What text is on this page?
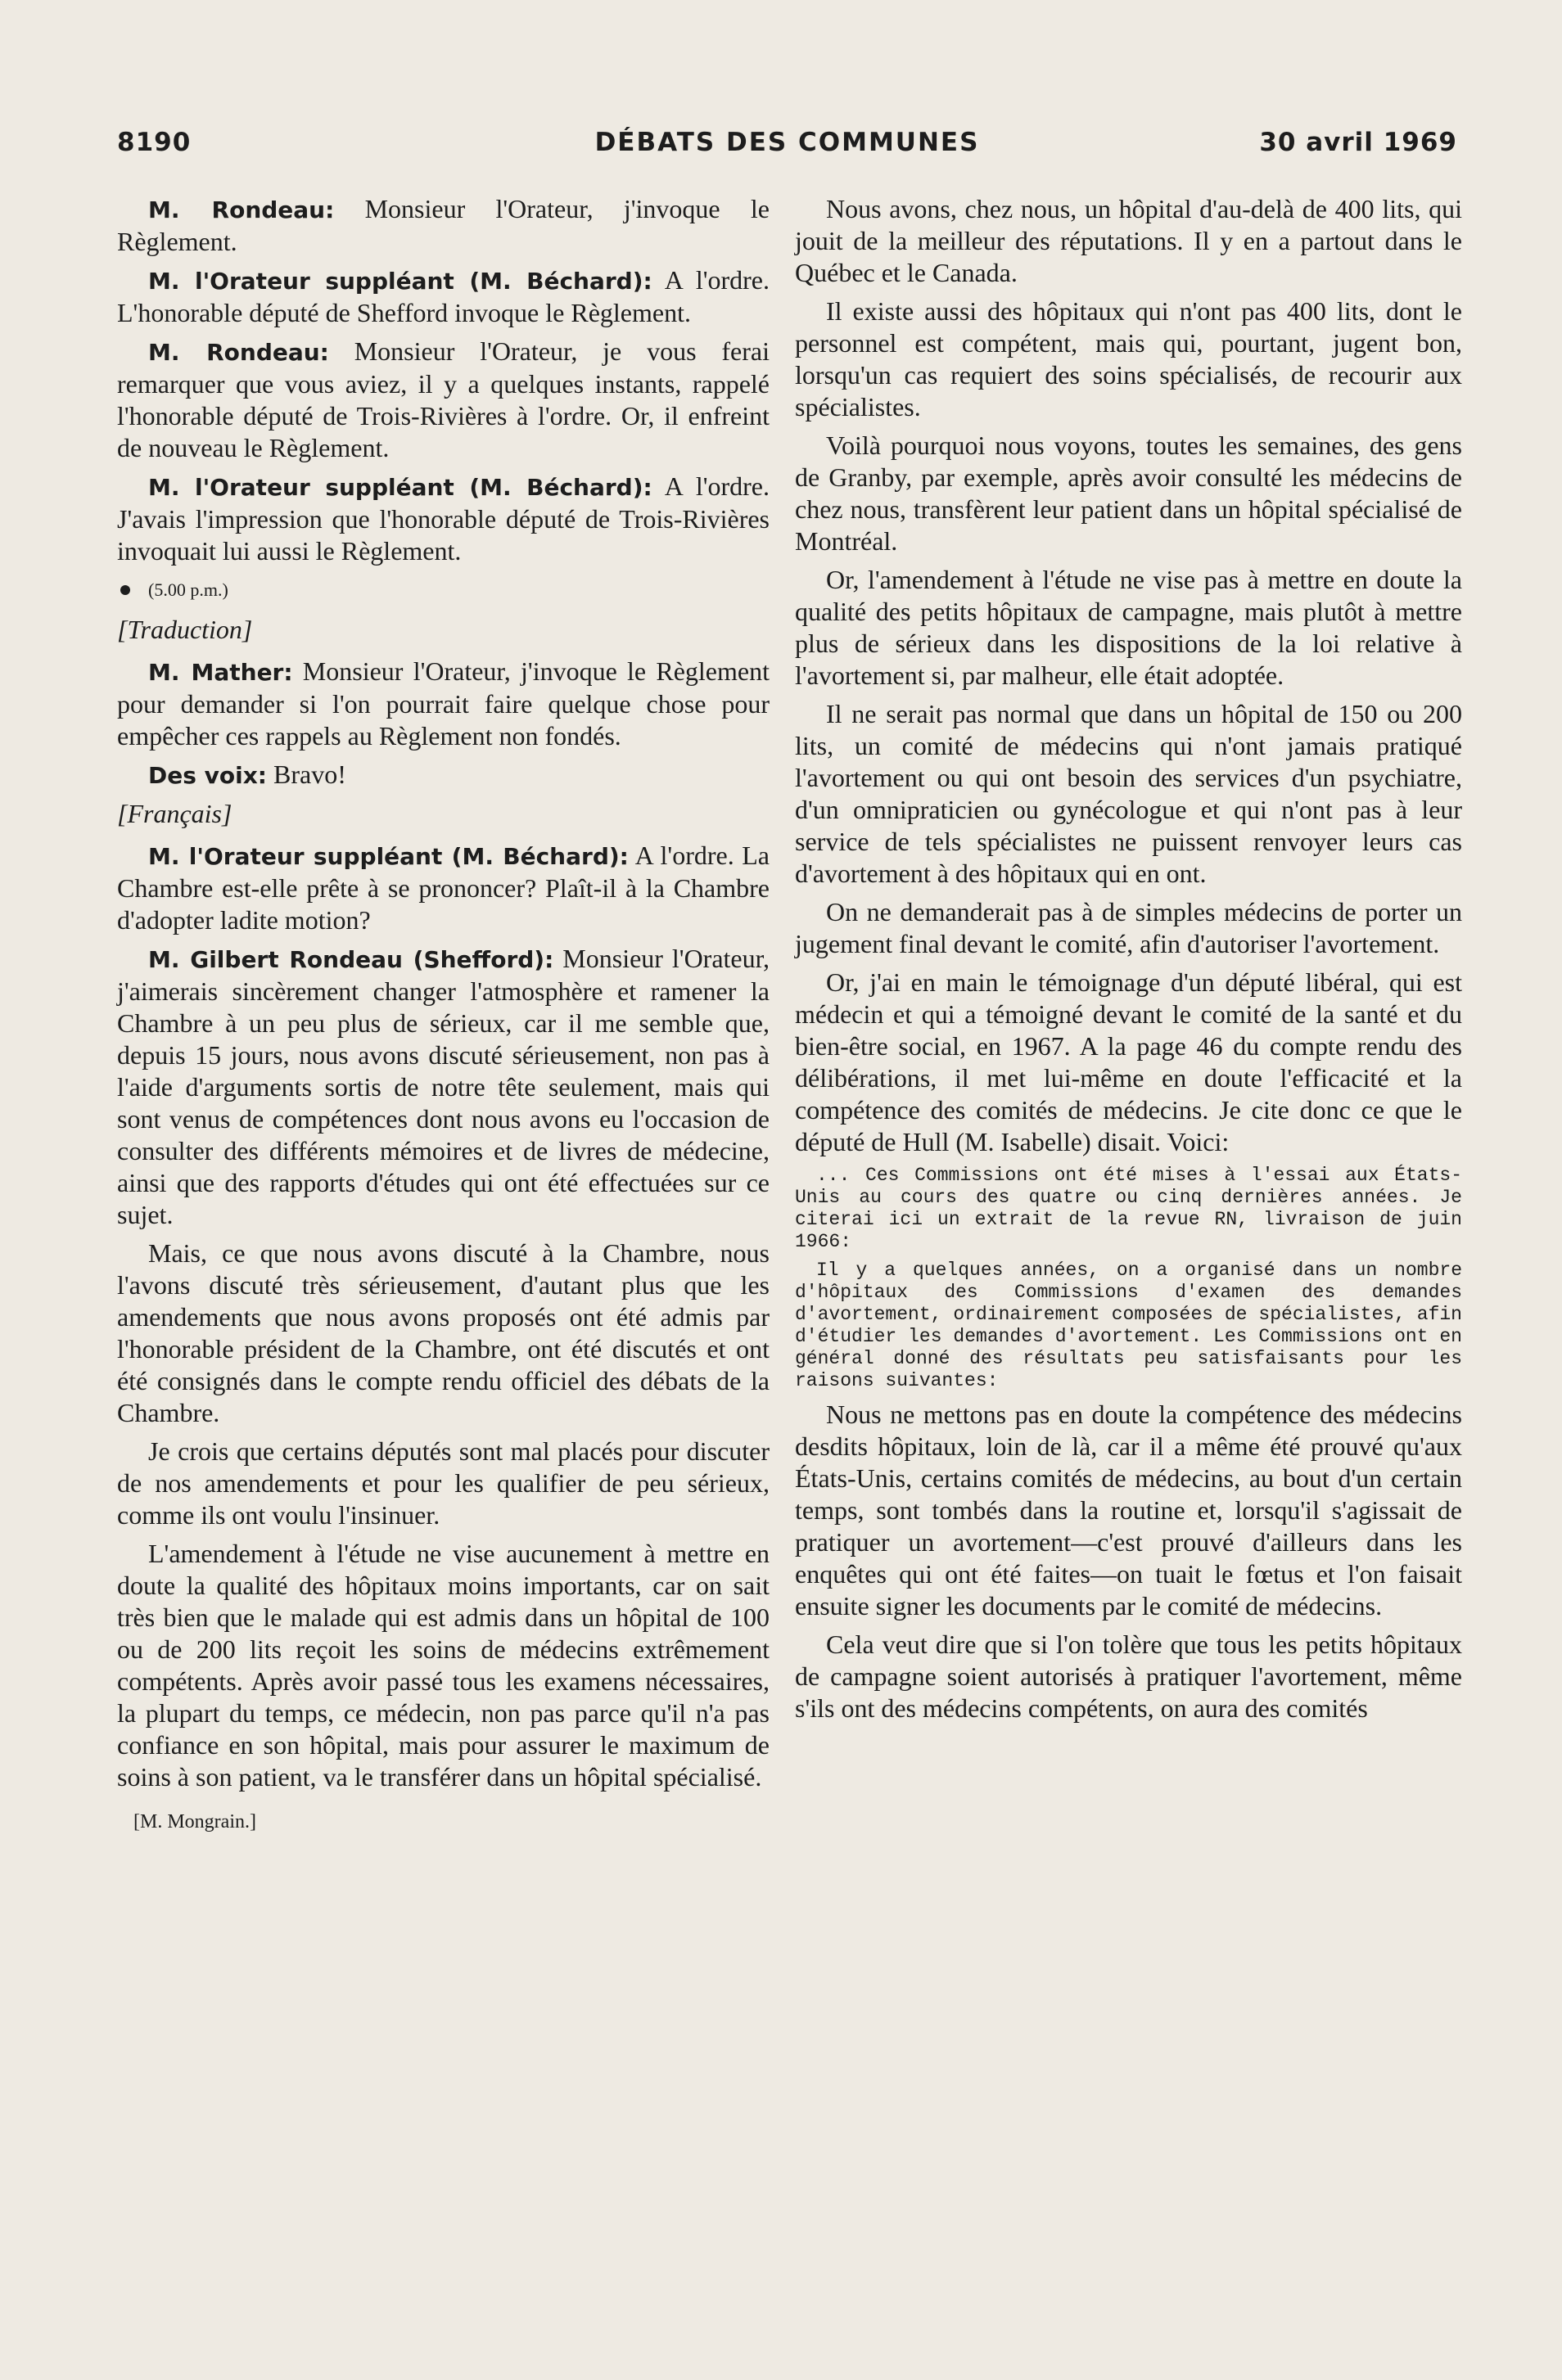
8190	DÉBATS DES COMMUNES	30 avril 1969

M. Rondeau: Monsieur l'Orateur, j'invoque le Règlement.

M. l'Orateur suppléant (M. Béchard): A l'ordre. L'honorable député de Shefford invoque le Règlement.

M. Rondeau: Monsieur l'Orateur, je vous ferai remarquer que vous aviez, il y a quelques instants, rappelé l'honorable député de Trois-Rivières à l'ordre. Or, il enfreint de nouveau le Règlement.

M. l'Orateur suppléant (M. Béchard): A l'ordre. J'avais l'impression que l'honorable député de Trois-Rivières invoquait lui aussi le Règlement.

(5.00 p.m.)
[Traduction]

M. Mather: Monsieur l'Orateur, j'invoque le Règlement pour demander si l'on pourrait faire quelque chose pour empêcher ces rappels au Règlement non fondés.

Des voix: Bravo!

[Français]

M. l'Orateur suppléant (M. Béchard): A l'ordre. La Chambre est-elle prête à se prononcer? Plaît-il à la Chambre d'adopter ladite motion?

M. Gilbert Rondeau (Shefford): Monsieur l'Orateur, j'aimerais sincèrement changer l'atmosphère et ramener la Chambre à un peu plus de sérieux, car il me semble que, depuis 15 jours, nous avons discuté sérieusement, non pas à l'aide d'arguments sortis de notre tête seulement, mais qui sont venus de compétences dont nous avons eu l'occasion de consulter des différents mémoires et de livres de médecine, ainsi que des rapports d'études qui ont été effectuées sur ce sujet.

Mais, ce que nous avons discuté à la Chambre, nous l'avons discuté très sérieusement, d'autant plus que les amendements que nous avons proposés ont été admis par l'honorable président de la Chambre, ont été discutés et ont été consignés dans le compte rendu officiel des débats de la Chambre.

Je crois que certains députés sont mal placés pour discuter de nos amendements et pour les qualifier de peu sérieux, comme ils ont voulu l'insinuer.

L'amendement à l'étude ne vise aucunement à mettre en doute la qualité des hôpitaux moins importants, car on sait très bien que le malade qui est admis dans un hôpital de 100 ou de 200 lits reçoit les soins de médecins extrêmement compétents. Après avoir passé tous les examens nécessaires, la plupart du temps, ce médecin, non pas parce qu'il n'a pas confiance en son hôpital, mais pour assurer le maximum de soins à son patient, va le transférer dans un hôpital spécialisé.

[M. Mongrain.]

Nous avons, chez nous, un hôpital d'au-delà de 400 lits, qui jouit de la meilleur des réputations. Il y en a partout dans le Québec et le Canada.

Il existe aussi des hôpitaux qui n'ont pas 400 lits, dont le personnel est compétent, mais qui, pourtant, jugent bon, lorsqu'un cas requiert des soins spécialisés, de recourir aux spécialistes.

Voilà pourquoi nous voyons, toutes les semaines, des gens de Granby, par exemple, après avoir consulté les médecins de chez nous, transfèrent leur patient dans un hôpital spécialisé de Montréal.

Or, l'amendement à l'étude ne vise pas à mettre en doute la qualité des petits hôpitaux de campagne, mais plutôt à mettre plus de sérieux dans les dispositions de la loi relative à l'avortement si, par malheur, elle était adoptée.

Il ne serait pas normal que dans un hôpital de 150 ou 200 lits, un comité de médecins qui n'ont jamais pratiqué l'avortement ou qui ont besoin des services d'un psychiatre, d'un omnipraticien ou gynécologue et qui n'ont pas à leur service de tels spécialistes ne puissent renvoyer leurs cas d'avortement à des hôpitaux qui en ont.

On ne demanderait pas à de simples médecins de porter un jugement final devant le comité, afin d'autoriser l'avortement.

Or, j'ai en main le témoignage d'un député libéral, qui est médecin et qui a témoigné devant le comité de la santé et du bien-être social, en 1967. A la page 46 du compte rendu des délibérations, il met lui-même en doute l'efficacité et la compétence des comités de médecins. Je cite donc ce que le député de Hull (M. Isabelle) disait. Voici:

... Ces Commissions ont été mises à l'essai aux États-Unis au cours des quatre ou cinq dernières années. Je citerai ici un extrait de la revue RN, livraison de juin 1966:

Il y a quelques années, on a organisé dans un nombre d'hôpitaux des Commissions d'examen des demandes d'avortement, ordinairement composées de spécialistes, afin d'étudier les demandes d'avortement. Les Commissions ont en général donné des résultats peu satisfaisants pour les raisons suivantes:

Nous ne mettons pas en doute la compétence des médecins desdits hôpitaux, loin de là, car il a même été prouvé qu'aux États-Unis, certains comités de médecins, au bout d'un certain temps, sont tombés dans la routine et, lorsqu'il s'agissait de pratiquer un avortement—c'est prouvé d'ailleurs dans les enquêtes qui ont été faites—on tuait le fœtus et l'on faisait ensuite signer les documents par le comité de médecins.

Cela veut dire que si l'on tolère que tous les petits hôpitaux de campagne soient autorisés à pratiquer l'avortement, même s'ils ont des médecins compétents, on aura des comités
